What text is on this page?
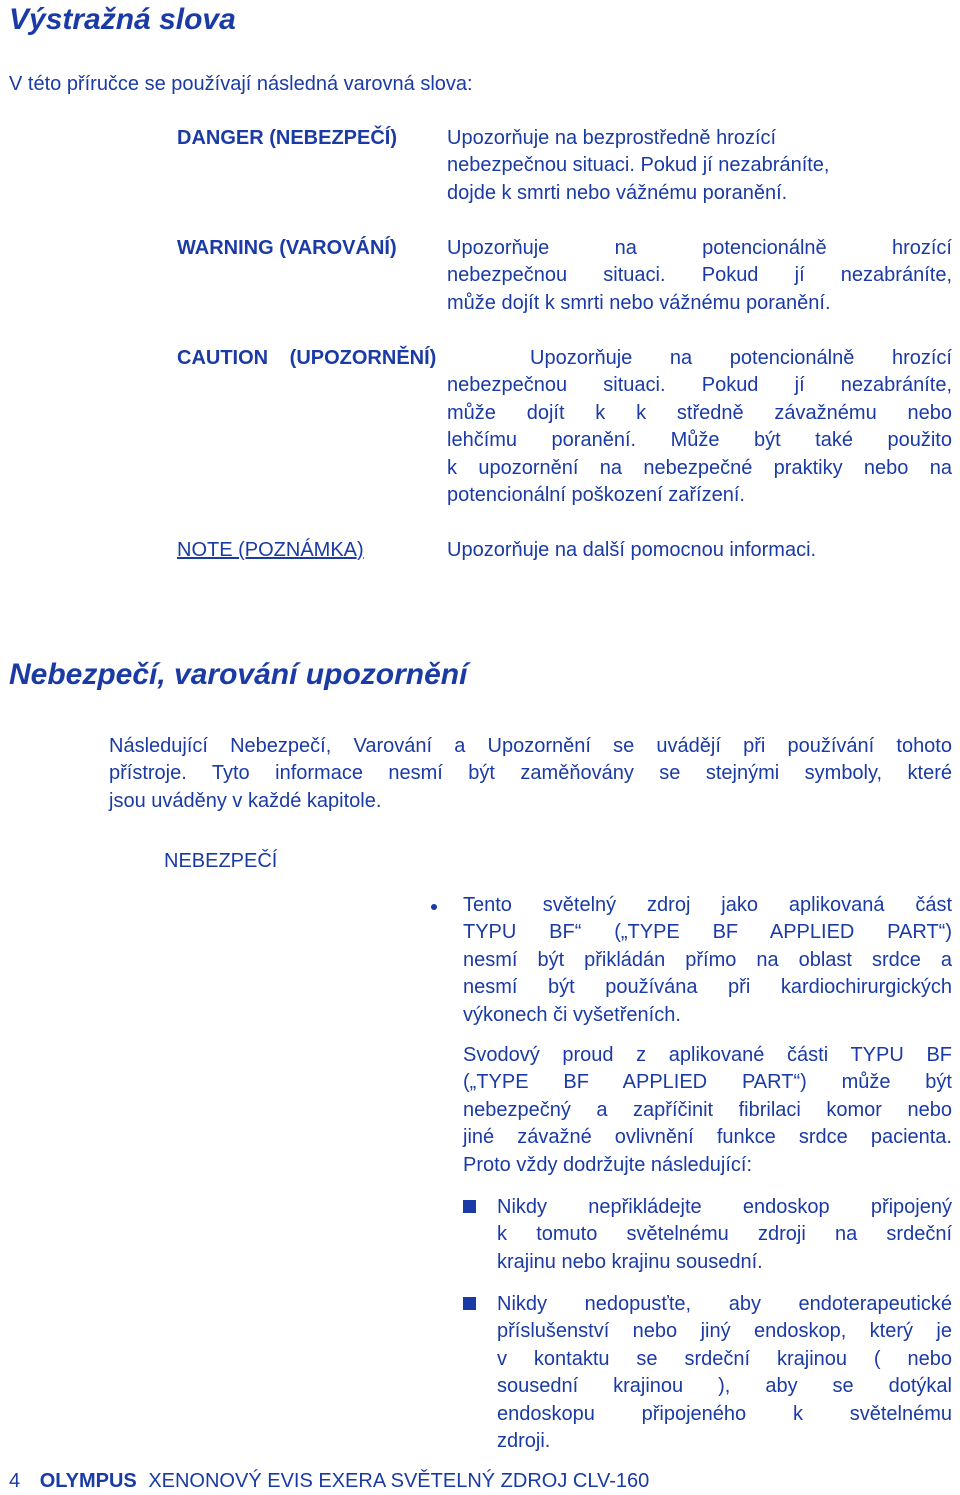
Výstražná slova
V této příručce se používají následná varovná slova:
DANGER (NEBEZPEČÍ) Upozorňuje na bezprostředně hrozící
nebezpečnou situaci. Pokud jí nezabráníte,
dojde k smrti nebo vážnému poranění.
WARNING (VAROVÁNÍ)	Upozorňuje na potencionálně hrozící
nebezpečnou situaci. Pokud jí nezabráníte,
může dojít k smrti nebo vážnému poranění.
CAUTION (UPOZORNĚNÍ)	Upozorňuje na potencionálně hrozící
nebezpečnou situaci. Pokud jí nezabráníte,
může dojít k k středně závažnému nebo
lehčímu poranění. Může být také použito
k upozornění na nebezpečné praktiky nebo na
potencionální poškození zařízení.
NOTE (POZNÁMKA)	Upozorňuje na další pomocnou informaci.
Nebezpečí, varování upozornění
Následující Nebezpečí, Varování a Upozornění se uvádějí při používání tohoto
přístroje. Tyto informace nesmí být zaměňovány se stejnými symboly, které
jsou uváděny v každé kapitole.
NEBEZPEČÍ
Tento světelný zdroj jako aplikovaná část
TYPU BF“ („TYPE BF APPLIED PART“)
nesmí být přikládán přímo na oblast srdce a
nesmí být používána při kardiochirurgických
výkonech či vyšetřeních.
Svodový proud z aplikované části TYPU BF
(„TYPE BF APPLIED PART“) může být
nebezpečný a zapříčinit fibrilaci komor nebo
jiné závažné ovlivnění funkce srdce pacienta.
Proto vždy dodržujte následující:
Nikdy nepřikládejte endoskop připojený
k tomuto světelnému zdroji na srdeční
krajinu nebo krajinu sousední.
Nikdy nedopusťte, aby endoterapeutické
příslušenství nebo jiný endoskop, který je
v kontaktu se srdeční krajinou ( nebo
sousední krajinou ), aby se dotýkal
endoskopu připojeného k světelnému
zdroji.
4 OLYMPUS XENONOVÝ EVIS EXERA SVĚTELNÝ ZDROJ CLV-160
